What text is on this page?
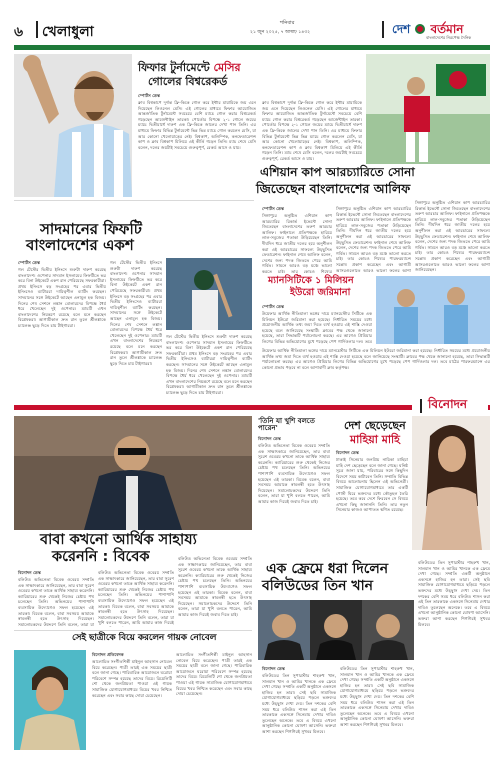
৬ খেলাধুলা
শনিবার
২১ জুন ২০২৫, ৭ আষাঢ় ১৪৩২	দেশ বর্তমান
বাংলাদেশের নিরপেক্ষ দৈনিক
ফিফার টুর্নামেন্টে মেসির
গোলের বিশ্বরেকর্ড
স্পোর্টস ডেস্ক
ক্লাব বিশ্বকাপে দুর্দান্ত ফ্রি-কিকে গোল করে ইন্টার মায়ামিকে জয় এনে দিয়েছেন লিওনেল মেসি। এই গোলের মাধ্যমে ফিফার আয়োজিত আন্তর্জাতিক টুর্নামেন্টে সবচেয়ে বেশি ম্যাচে গোল করার বিশ্বরেকর্ড গড়েছেন আর্জেন্টাইন তারকা। পোর্তোর বিপক্ষে ২-১ গোলে জয়ের ম্যাচে দ্বিতীয়ার্ধে দারুণ এক ফ্রি-কিকে জালের দেখা পান তিনি। এর মাধ্যমে ফিফার বিভিন্ন টুর্নামেন্টে ভিন্ন ভিন্ন ম্যাচে গোল করলেন মেসি, যা আর কোনো খেলোয়াড়ের নেই। বিশ্বকাপ, অলিম্পিক, কনফেডারেশন্স কাপ ও ক্লাব বিশ্বকাপ মিলিয়ে এই কীর্তি গড়েন তিনি। ম্যাচ শেষে মেসি বলেন, দলের জয়টাই সবচেয়ে গুরুত্বপূর্ণ, রেকর্ড আসে ও যায়।
ক্লাব বিশ্বকাপে দুর্দান্ত ফ্রি-কিকে গোল করে ইন্টার মায়ামিকে জয় এনে দিয়েছেন লিওনেল মেসি। এই গোলের মাধ্যমে ফিফার আয়োজিত আন্তর্জাতিক টুর্নামেন্টে সবচেয়ে বেশি ম্যাচে গোল করার বিশ্বরেকর্ড গড়েছেন আর্জেন্টাইন তারকা। পোর্তোর বিপক্ষে ২-১ গোলে জয়ের ম্যাচে দ্বিতীয়ার্ধে দারুণ এক ফ্রি-কিকে জালের দেখা পান তিনি। এর মাধ্যমে ফিফার বিভিন্ন টুর্নামেন্টে ভিন্ন ভিন্ন ম্যাচে গোল করলেন মেসি, যা আর কোনো খেলোয়াড়ের নেই। বিশ্বকাপ, অলিম্পিক, কনফেডারেশন্স কাপ ও ক্লাব বিশ্বকাপ মিলিয়ে এই কীর্তি গড়েন তিনি। ম্যাচ শেষে মেসি বলেন, দলের জয়টাই সবচেয়ে গুরুত্বপূর্ণ, রেকর্ড আসে ও যায়।
এশিয়ান কাপ আরচ্যারিতে সোনা
জিতেছেন বাংলাদেশের আলিফ
সাদমানের ফিফটি
বাংলাদেশের একশ
স্পোর্টস ডেস্ক
গল টেস্টের দ্বিতীয় ইনিংসে শুরুটা দারুণ করেছে বাংলাদেশ। ওপেনার সাদমান ইসলামের ফিফটিতে ভর করে বিনা উইকেটে একশ রান পেরিয়েছে সফরকারীরা। প্রথম ইনিংসে বড় সংগ্রহের পর এবার দ্বিতীয় ইনিংসেও ব্যাটাররা দায়িত্বশীল ব্যাটিং করছেন। সাদমানের সঙ্গে উইকেটে আছেন এনামুল হক বিজয়। দিনের শেষ সেশনে লঙ্কান বোলারদের বিপক্ষে ধৈর্য ধরে খেলেছেন দুই ওপেনার। ম্যাচটি এখন বাংলাদেশের নিয়ন্ত্রণে রয়েছে বলে মনে করছেন বিশ্লেষকরা। আগামীকাল দ্রুত রান তুলে শ্রীলঙ্কাকে চ্যালেঞ্জ ছুড়ে দিতে চায় টাইগাররা।
গল টেস্টের দ্বিতীয় ইনিংসে শুরুটা দারুণ করেছে বাংলাদেশ। ওপেনার সাদমান ইসলামের ফিফটিতে ভর করে বিনা উইকেটে একশ রান পেরিয়েছে সফরকারীরা। প্রথম ইনিংসে বড় সংগ্রহের পর এবার দ্বিতীয় ইনিংসেও ব্যাটাররা দায়িত্বশীল ব্যাটিং করছেন। সাদমানের সঙ্গে উইকেটে আছেন এনামুল হক বিজয়। দিনের শেষ সেশনে লঙ্কান বোলারদের বিপক্ষে ধৈর্য ধরে খেলেছেন দুই ওপেনার। ম্যাচটি এখন বাংলাদেশের নিয়ন্ত্রণে রয়েছে বলে মনে করছেন বিশ্লেষকরা। আগামীকাল দ্রুত রান তুলে শ্রীলঙ্কাকে চ্যালেঞ্জ ছুড়ে দিতে চায় টাইগাররা।
গল টেস্টের দ্বিতীয় ইনিংসে শুরুটা দারুণ করেছে বাংলাদেশ। ওপেনার সাদমান ইসলামের ফিফটিতে ভর করে বিনা উইকেটে একশ রান পেরিয়েছে সফরকারীরা। প্রথম ইনিংসে বড় সংগ্রহের পর এবার দ্বিতীয় ইনিংসেও ব্যাটাররা দায়িত্বশীল ব্যাটিং করছেন। সাদমানের সঙ্গে উইকেটে আছেন এনামুল হক বিজয়। দিনের শেষ সেশনে লঙ্কান বোলারদের বিপক্ষে ধৈর্য ধরে খেলেছেন দুই ওপেনার। ম্যাচটি এখন বাংলাদেশের নিয়ন্ত্রণে রয়েছে বলে মনে করছেন বিশ্লেষকরা। আগামীকাল দ্রুত রান তুলে শ্রীলঙ্কাকে চ্যালেঞ্জ ছুড়ে দিতে চায় টাইগাররা।
স্পোর্টস ডেস্ক
সিঙ্গাপুরে অনুষ্ঠিত এশিয়ান কাপ আরচ্যারির রিকার্ভ ইভেন্টে সোনা জিতেছেন বাংলাদেশের তরুণ আরচার আলিফ। ফাইনালে প্রতিপক্ষকে হারিয়ে লাল-সবুজের পতাকা উড়িয়েছেন তিনি। দীর্ঘদিন ধরে জাতীয় দলের হয়ে অনুশীলন করা এই আরচারের সাফল্যে উচ্ছ্বসিত ফেডারেশন। ফাইনাল শেষে আলিফ বলেন, দেশের জন্য পদক জিততে পেরে আমি গর্বিত। সামনে আরও বড় মঞ্চে ভালো করতে চাই। তার কোচও শিষ্যের
সিঙ্গাপুরে অনুষ্ঠিত এশিয়ান কাপ আরচ্যারির রিকার্ভ ইভেন্টে সোনা জিতেছেন বাংলাদেশের তরুণ আরচার আলিফ। ফাইনালে প্রতিপক্ষকে হারিয়ে লাল-সবুজের পতাকা উড়িয়েছেন তিনি। দীর্ঘদিন ধরে জাতীয় দলের হয়ে অনুশীলন করা এই আরচারের সাফল্যে উচ্ছ্বসিত ফেডারেশন। ফাইনাল শেষে আলিফ বলেন, দেশের জন্য পদক জিততে পেরে আমি গর্বিত। সামনে আরও বড় মঞ্চে ভালো করতে চাই। তার কোচও শিষ্যের পারফরম্যান্সে সন্তোষ প্রকাশ করেছেন এবং আগামী আসরগুলোতে আরও ভালো ফলের আশা
সিঙ্গাপুরে অনুষ্ঠিত এশিয়ান কাপ আরচ্যারির রিকার্ভ ইভেন্টে সোনা জিতেছেন বাংলাদেশের তরুণ আরচার আলিফ। ফাইনালে প্রতিপক্ষকে হারিয়ে লাল-সবুজের পতাকা উড়িয়েছেন তিনি। দীর্ঘদিন ধরে জাতীয় দলের হয়ে অনুশীলন করা এই আরচারের সাফল্যে উচ্ছ্বসিত ফেডারেশন। ফাইনাল শেষে আলিফ বলেন, দেশের জন্য পদক জিততে পেরে আমি গর্বিত। সামনে আরও বড় মঞ্চে ভালো করতে চাই। তার কোচও শিষ্যের পারফরম্যান্সে সন্তোষ প্রকাশ করেছেন এবং আগামী আসরগুলোতে আরও ভালো ফলের আশা জানিয়েছেন।
ম্যানসিটিকে ১ মিলিয়ন
ইউরো জরিমানা
স্পোর্টস ডেস্ক
উয়েফার আর্থিক নীতিমালা ভঙ্গের দায়ে ম্যানচেস্টার সিটিকে এক মিলিয়ন ইউরো জরিমানা করা হয়েছে। নির্ধারিত সময়ের মধ্যে প্রয়োজনীয় আর্থিক তথ্য জমা দিতে ব্যর্থ হওয়ায় এই শাস্তি দেওয়া হয়েছে বলে জানিয়েছে সংস্থাটি। ক্লাবের পক্ষ থেকে জানানো হয়েছে, তারা সিদ্ধান্তটি পর্যালোচনা করছে। এর আগেও প্রিমিয়ার লিগের বিভিন্ন অভিযোগের মুখে পড়েছে পেপ গার্দিওলার দল। তবে
উয়েফার আর্থিক নীতিমালা ভঙ্গের দায়ে ম্যানচেস্টার সিটিকে এক মিলিয়ন ইউরো জরিমানা করা হয়েছে। নির্ধারিত সময়ের মধ্যে প্রয়োজনীয় আর্থিক তথ্য জমা দিতে ব্যর্থ হওয়ায় এই শাস্তি দেওয়া হয়েছে বলে জানিয়েছে সংস্থাটি। ক্লাবের পক্ষ থেকে জানানো হয়েছে, তারা সিদ্ধান্তটি পর্যালোচনা করছে। এর আগেও প্রিমিয়ার লিগের বিভিন্ন অভিযোগের মুখে পড়েছে পেপ গার্দিওলার দল। তবে মাঠের পারফরম্যান্সে এর কোনো প্রভাব পড়বে না বলে আশাবাদী ক্লাব কর্তৃপক্ষ।
বিনোদন
'তিনি যা খুশি বলতে পারেন'
বিনোদন ডেস্ক
বলিউড অভিনেতা বিবেক ওবেরয় সম্প্রতি এক সাক্ষাৎকারে জানিয়েছেন, তার বাবা সুরেশ ওবেরয় কখনো তাকে আর্থিক সাহায্য করেননি। ক্যারিয়ারের শুরু থেকেই নিজের চেষ্টায় পথ চলেছেন তিনি। অভিনয়ের পাশাপাশি ব্যবসায়িক উদ্যোগেও সফল হয়েছেন এই তারকা। বিবেক বলেন, বাবা সবসময় আমাকে স্বাবলম্বী হতে উৎসাহ দিয়েছেন। সমালোচকদের উদ্দেশে তিনি বলেন, তারা যা খুশি বলতে পারেন, আমি আমার কাজ দিয়েই জবাব দিতে চাই।
বাবা কখনো আর্থিক সাহায্য
করেননি : বিবেক
বিনোদন ডেস্ক
বলিউড অভিনেতা বিবেক ওবেরয় সম্প্রতি এক সাক্ষাৎকারে জানিয়েছেন, তার বাবা সুরেশ ওবেরয় কখনো তাকে আর্থিক সাহায্য করেননি। ক্যারিয়ারের শুরু থেকেই নিজের চেষ্টায় পথ চলেছেন তিনি। অভিনয়ের পাশাপাশি ব্যবসায়িক উদ্যোগেও সফল হয়েছেন এই তারকা। বিবেক বলেন, বাবা সবসময় আমাকে স্বাবলম্বী হতে উৎসাহ দিয়েছেন। সমালোচকদের উদ্দেশে তিনি বলেন, তারা যা
বলিউড অভিনেতা বিবেক ওবেরয় সম্প্রতি এক সাক্ষাৎকারে জানিয়েছেন, তার বাবা সুরেশ ওবেরয় কখনো তাকে আর্থিক সাহায্য করেননি। ক্যারিয়ারের শুরু থেকেই নিজের চেষ্টায় পথ চলেছেন তিনি। অভিনয়ের পাশাপাশি ব্যবসায়িক উদ্যোগেও সফল হয়েছেন এই তারকা। বিবেক বলেন, বাবা সবসময় আমাকে স্বাবলম্বী হতে উৎসাহ দিয়েছেন। সমালোচকদের উদ্দেশে তিনি বলেন, তারা যা খুশি বলতে পারেন, আমি আমার কাজ দিয়েই
বলিউড অভিনেতা বিবেক ওবেরয় সম্প্রতি এক সাক্ষাৎকারে জানিয়েছেন, তার বাবা সুরেশ ওবেরয় কখনো তাকে আর্থিক সাহায্য করেননি। ক্যারিয়ারের শুরু থেকেই নিজের চেষ্টায় পথ চলেছেন তিনি। অভিনয়ের পাশাপাশি ব্যবসায়িক উদ্যোগেও সফল হয়েছেন এই তারকা। বিবেক বলেন, বাবা সবসময় আমাকে স্বাবলম্বী হতে উৎসাহ দিয়েছেন। সমালোচকদের উদ্দেশে তিনি বলেন, তারা যা খুশি বলতে পারেন, আমি আমার কাজ দিয়েই জবাব দিতে চাই।
দেশ ছেড়েছেন
মাহিয়া মাহি
বিনোদন ডেস্ক
ঢাকাই সিনেমার জনপ্রিয় নায়িকা মাহিয়া মাহি দেশ ছেড়েছেন বলে জানা গেছে। ঘনিষ্ঠ সূত্রে জানা যায়, পরিবারের সঙ্গে কিছুদিন বিদেশে সময় কাটাবেন তিনি। সম্প্রতি বিভিন্ন বিষয়ে আলোচনায় ছিলেন এই অভিনেত্রী। সামাজিক যোগাযোগমাধ্যমে তার একটি পোস্ট ঘিরে ভক্তদের মধ্যে কৌতূহল তৈরি হয়েছে। তবে কবে দেশে ফিরবেন সে বিষয়ে এখনো কিছু জানাননি তিনি। তার নতুন সিনেমার কাজও আপাতত স্থগিত রয়েছে।
সেই ছাত্রীকে বিয়ে করলেন গায়ক নোবেল
বিনোদন প্রতিবেদক
আলোচিত সংগীতশিল্পী মাইনুল আহসান নোবেল বিয়ে করেছেন। পাত্রী তারই এক সময়ের ছাত্রী বলে জানা গেছে। পারিবারিক আয়োজনে ঘরোয়া পরিবেশে সম্পন্ন হয়েছে তাদের বিয়ে। রিয়েলিটি শো থেকে জনপ্রিয়তা পাওয়া এই গায়ক সামাজিক যোগাযোগমাধ্যমে বিয়ের খবর নিশ্চিত করেছেন এবং সবার কাছে দোয়া চেয়েছেন।
আলোচিত সংগীতশিল্পী মাইনুল আহসান নোবেল বিয়ে করেছেন। পাত্রী তারই এক সময়ের ছাত্রী বলে জানা গেছে। পারিবারিক আয়োজনে ঘরোয়া পরিবেশে সম্পন্ন হয়েছে তাদের বিয়ে। রিয়েলিটি শো থেকে জনপ্রিয়তা পাওয়া এই গায়ক সামাজিক যোগাযোগমাধ্যমে বিয়ের খবর নিশ্চিত করেছেন এবং সবার কাছে দোয়া চেয়েছেন।
এক ফ্রেমে ধরা দিলেন
বলিউডের তিন খান
বিনোদন ডেস্ক
বলিউডের তিন সুপারস্টার শাহরুখ খান, সালমান খান ও আমির খানকে এক ফ্রেমে দেখা গেছে। সম্প্রতি একটি অনুষ্ঠানে একসঙ্গে হাজির হন তারা। সেই ছবি সামাজিক যোগাযোগমাধ্যমে ছড়িয়ে পড়লে ভক্তদের মধ্যে উচ্ছ্বাস দেখা দেয়। তিন দশকের বেশি সময় ধরে বলিউড শাসন করা এই তিন তারকাকে একসঙ্গে সিনেমায় দেখার দাবিও তুলেছেন অনেকে। তবে এ বিষয়ে এখনো আনুষ্ঠানিক কোনো ঘোষণা আসেনি। ভক্তরা আশা করছেন শিগগিরই সুখবর মিলবে।
বলিউডের তিন সুপারস্টার শাহরুখ খান, সালমান খান ও আমির খানকে এক ফ্রেমে দেখা গেছে। সম্প্রতি একটি অনুষ্ঠানে একসঙ্গে হাজির হন তারা। সেই ছবি সামাজিক যোগাযোগমাধ্যমে ছড়িয়ে পড়লে ভক্তদের মধ্যে উচ্ছ্বাস দেখা দেয়। তিন দশকের বেশি সময় ধরে বলিউড শাসন করা এই তিন তারকাকে একসঙ্গে সিনেমায় দেখার দাবিও তুলেছেন অনেকে। তবে এ বিষয়ে এখনো আনুষ্ঠানিক কোনো ঘোষণা আসেনি। ভক্তরা আশা করছেন শিগগিরই সুখবর মিলবে।
বলিউডের তিন সুপারস্টার শাহরুখ খান, সালমান খান ও আমির খানকে এক ফ্রেমে দেখা গেছে। সম্প্রতি একটি অনুষ্ঠানে একসঙ্গে হাজির হন তারা। সেই ছবি সামাজিক যোগাযোগমাধ্যমে ছড়িয়ে পড়লে ভক্তদের মধ্যে উচ্ছ্বাস দেখা দেয়। তিন দশকের বেশি সময় ধরে বলিউড শাসন করা এই তিন তারকাকে একসঙ্গে সিনেমায় দেখার দাবিও তুলেছেন অনেকে। তবে এ বিষয়ে এখনো আনুষ্ঠানিক কোনো ঘোষণা আসেনি। ভক্তরা আশা করছেন শিগগিরই সুখবর মিলবে।
